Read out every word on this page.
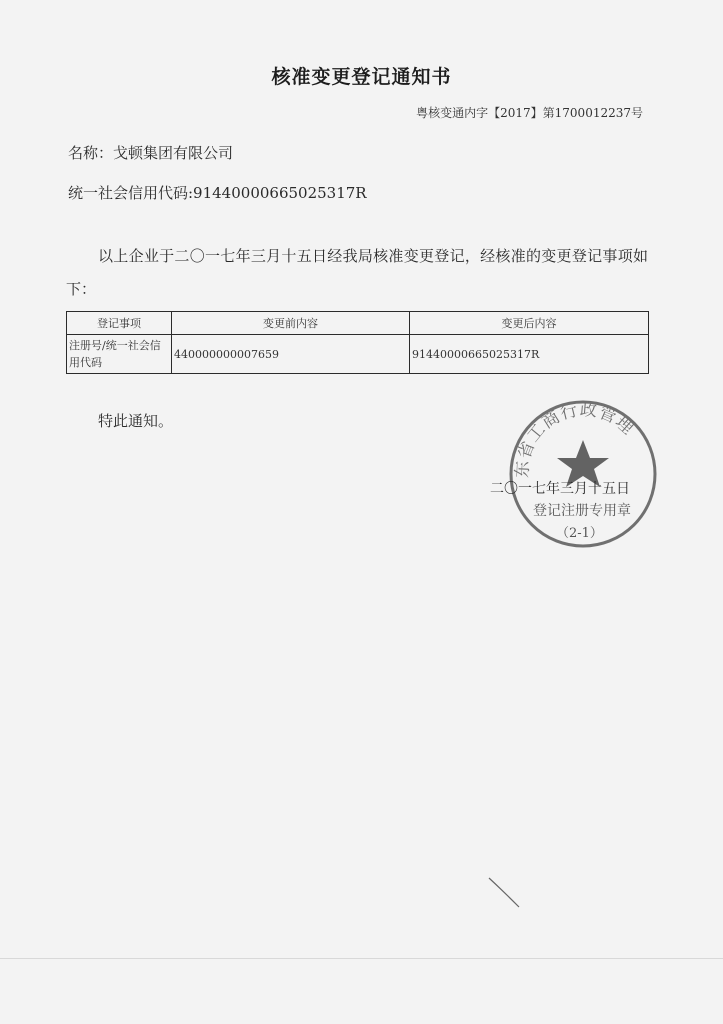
核准变更登记通知书
粤核变通内字【2017】第1700012237号
名称：戈顿集团有限公司
统一社会信用代码:91440000665025317R
以上企业于二〇一七年三月十五日经我局核准变更登记，经核准的变更登记事项如下：
登记事项	变更前内容	变更后内容
注册号/统一社会信用代码	440000000007659	91440000665025317R
特此通知。
东省工商行政管理
登记注册专用章
（2-1）
二〇一七年三月十五日
